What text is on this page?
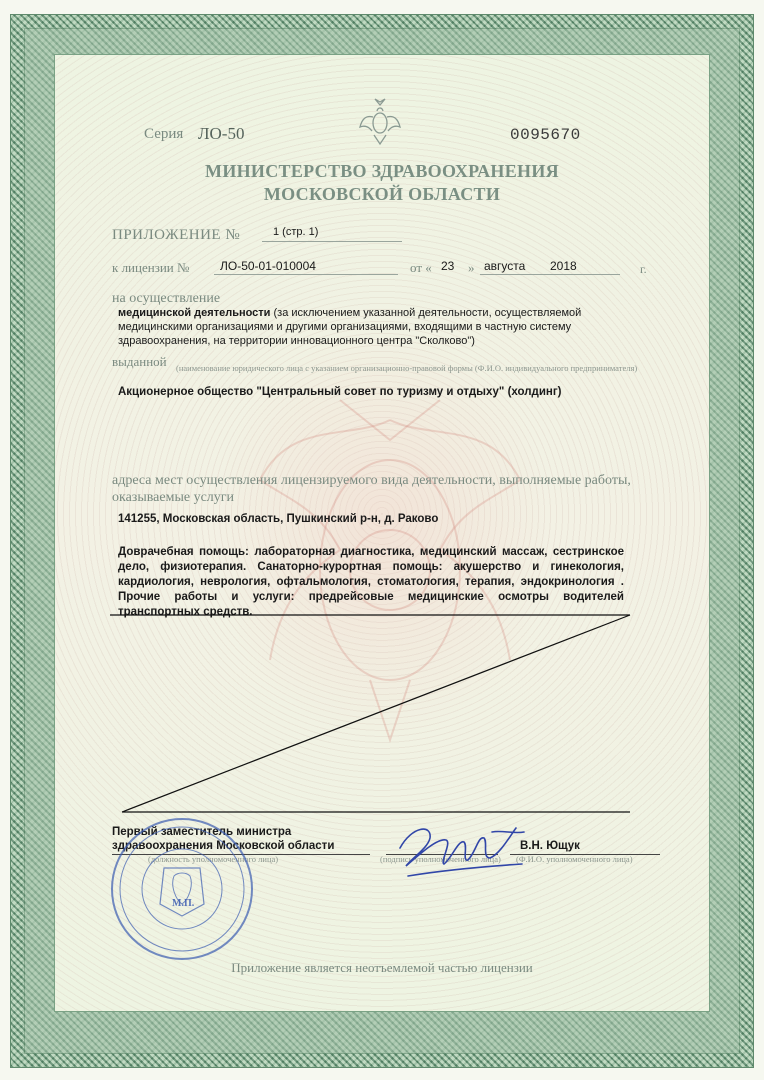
Серия ЛО-50	0095670
МИНИСТЕРСТВО ЗДРАВООХРАНЕНИЯ
МОСКОВСКОЙ ОБЛАСТИ
ПРИЛОЖЕНИЕ №	1 (стр. 1)
к лицензии №	ЛО-50-01-010004	от « 23 » августа 2018	г.
на осуществление
медицинской деятельности (за исключением указанной деятельности, осуществляемой медицинскими организациями и другими организациями, входящими в частную систему здравоохранения, на территории инновационного центра "Сколково")
выданной	(наименование юридического лица с указанием организационно-правовой формы (Ф.И.О. индивидуального предпринимателя)
Акционерное общество "Центральный совет по туризму и отдыху" (холдинг)
адреса мест осуществления лицензируемого вида деятельности, выполняемые работы, оказываемые услуги
141255, Московская область, Пушкинский р-н, д. Раково
Доврачебная помощь: лабораторная диагностика, медицинский массаж, сестринское дело, физиотерапия. Санаторно-курортная помощь: акушерство и гинекология, кардиология, неврология, офтальмология, стоматология, терапия, эндокринология . Прочие работы и услуги: предрейсовые медицинские осмотры водителей транспортных средств.
Первый заместитель министра
здравоохранения Московской области
(должность уполномоченного лица)	(подпись уполномоченного лица)
В.Н. Ющук
(Ф.И.О. уполномоченного лица)
М.П.
Приложение является неотъемлемой частью лицензии
